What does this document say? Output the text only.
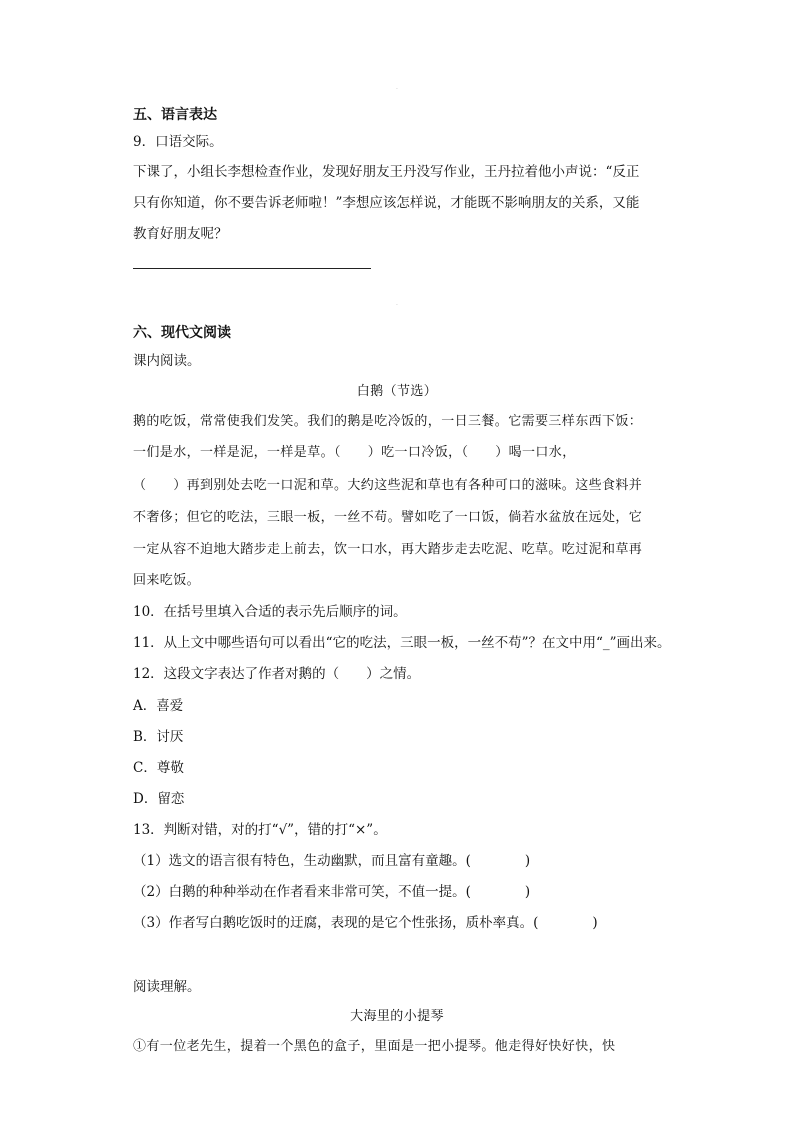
·
五、语言表达
9．口语交际。
下课了，小组长李想检查作业，发现好朋友王丹没写作业，王丹拉着他小声说：“反正
只有你知道，你不要告诉老师啦！”李想应该怎样说，才能既不影响朋友的关系，又能
教育好朋友呢？
·
六、现代文阅读
课内阅读。
白鹅（节选）
鹅的吃饭，常常使我们发笑。我们的鹅是吃冷饭的，一日三餐。它需要三样东西下饭：
一们是水，一样是泥，一样是草。（　　）吃一口冷饭，（　　）喝一口水，
（　　）再到别处去吃一口泥和草。大约这些泥和草也有各种可口的滋味。这些食料并
不奢侈；但它的吃法，三眼一板，一丝不苟。譬如吃了一口饭，倘若水盆放在远处，它
一定从容不迫地大踏步走上前去，饮一口水，再大踏步走去吃泥、吃草。吃过泥和草再
回来吃饭。
10．在括号里填入合适的表示先后顺序的词。
11．从上文中哪些语句可以看出“它的吃法，三眼一板，一丝不苟”？在文中用“_”画出来。
12．这段文字表达了作者对鹅的（　　）之情。
A．喜爱
B．讨厌
C．尊敬
D．留恋
13．判断对错，对的打“√”，错的打“×”。
（1）选文的语言很有特色，生动幽默，而且富有童趣。(　　　　)
（2）白鹅的种种举动在作者看来非常可笑，不值一提。(　　　　)
（3）作者写白鹅吃饭时的迂腐，表现的是它个性张扬，质朴率真。(　　　　)
阅读理解。
大海里的小提琴
①有一位老先生，提着一个黑色的盒子，里面是一把小提琴。他走得好快好快，快
